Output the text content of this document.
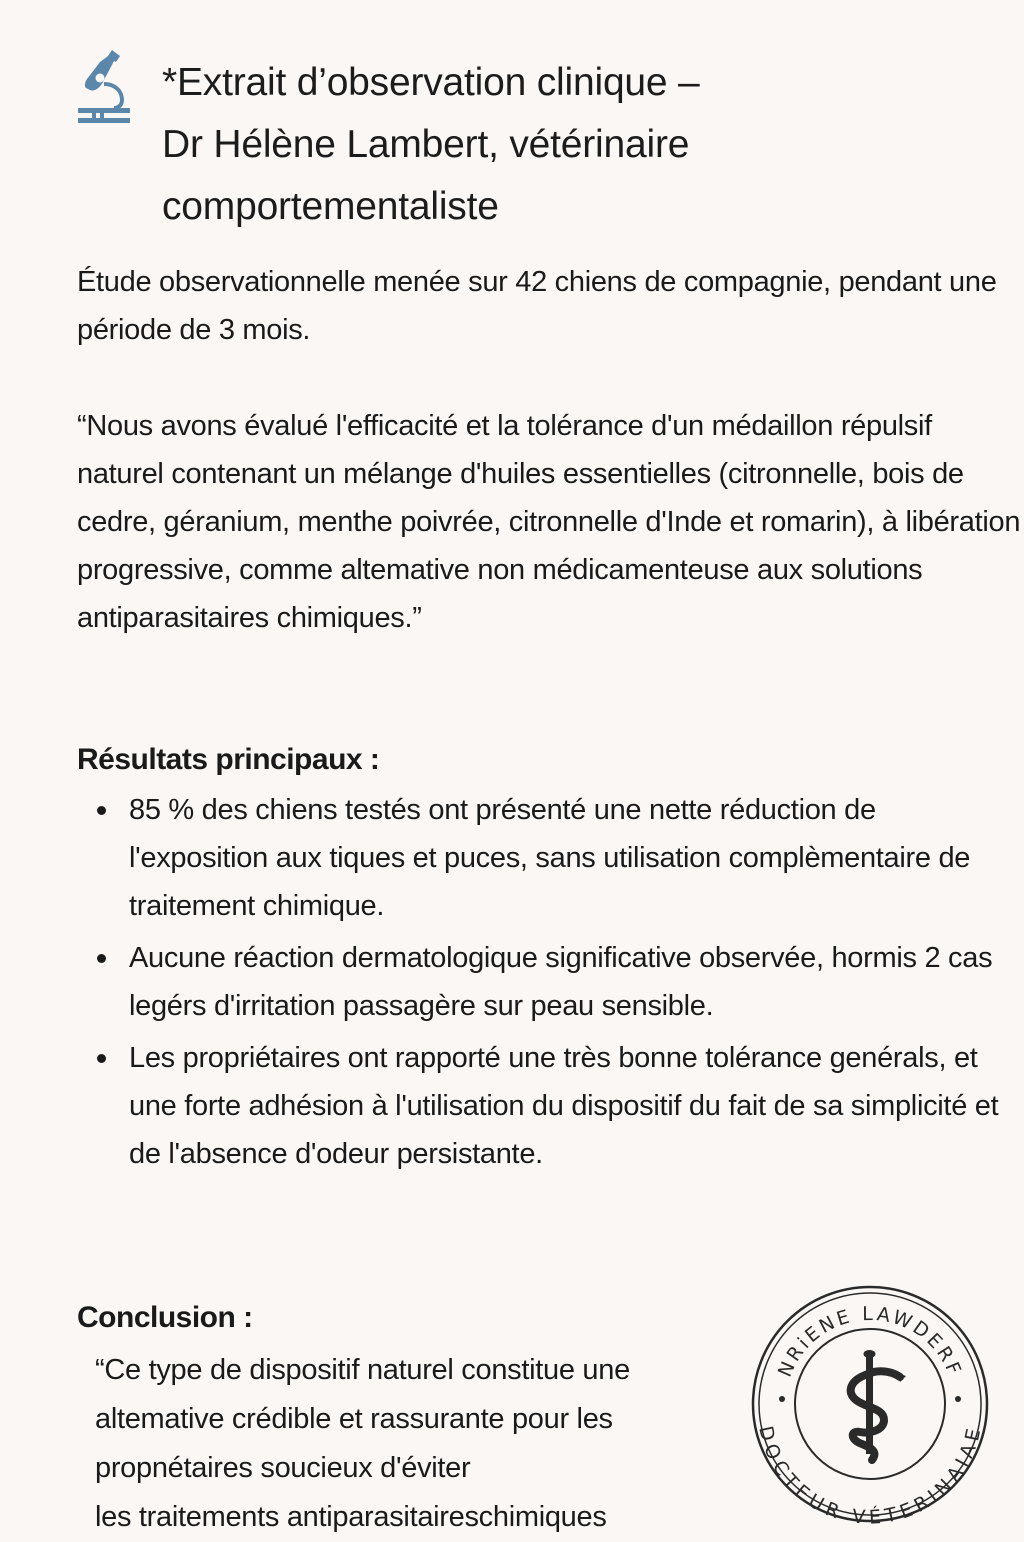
*Extrait d’observation clinique –
Dr Hélène Lambert, vétérinaire
comportementaliste

Étude observationnelle menée sur 42 chiens de compagnie, pendant une période de 3 mois.

“Nous avons évalué l'efficacité et la tolérance d'un médaillon répulsif naturel contenant un mélange d'huiles essentielles (citronnelle, bois de cedre, géranium, menthe poivrée, citronnelle d'Inde et romarin), à libération progressive, comme altemative non médicamenteuse aux solutions antiparasitaires chimiques.”

Résultats principaux :
85 % des chiens testés ont présenté une nette réduction de l'exposition aux tiques et puces, sans utilisation complèmentaire de traitement chimique.
Aucune réaction dermatologique significative observée, hormis 2 cas legérs d'irritation passagère sur peau sensible.
Les propriétaires ont rapporté une très bonne tolérance genérals, et une forte adhésion à l'utilisation du dispositif du fait de sa simplicité et de l'absence d'odeur persistante.
Conclusion :
“Ce type de dispositif naturel constitue une
altemative crédible et rassurante pour les
propnétaires soucieux d'éviter
les traitements antiparasitaireschimiques
NRiENE LAWDERF
DOCTEUR VÉTERINAIAE
